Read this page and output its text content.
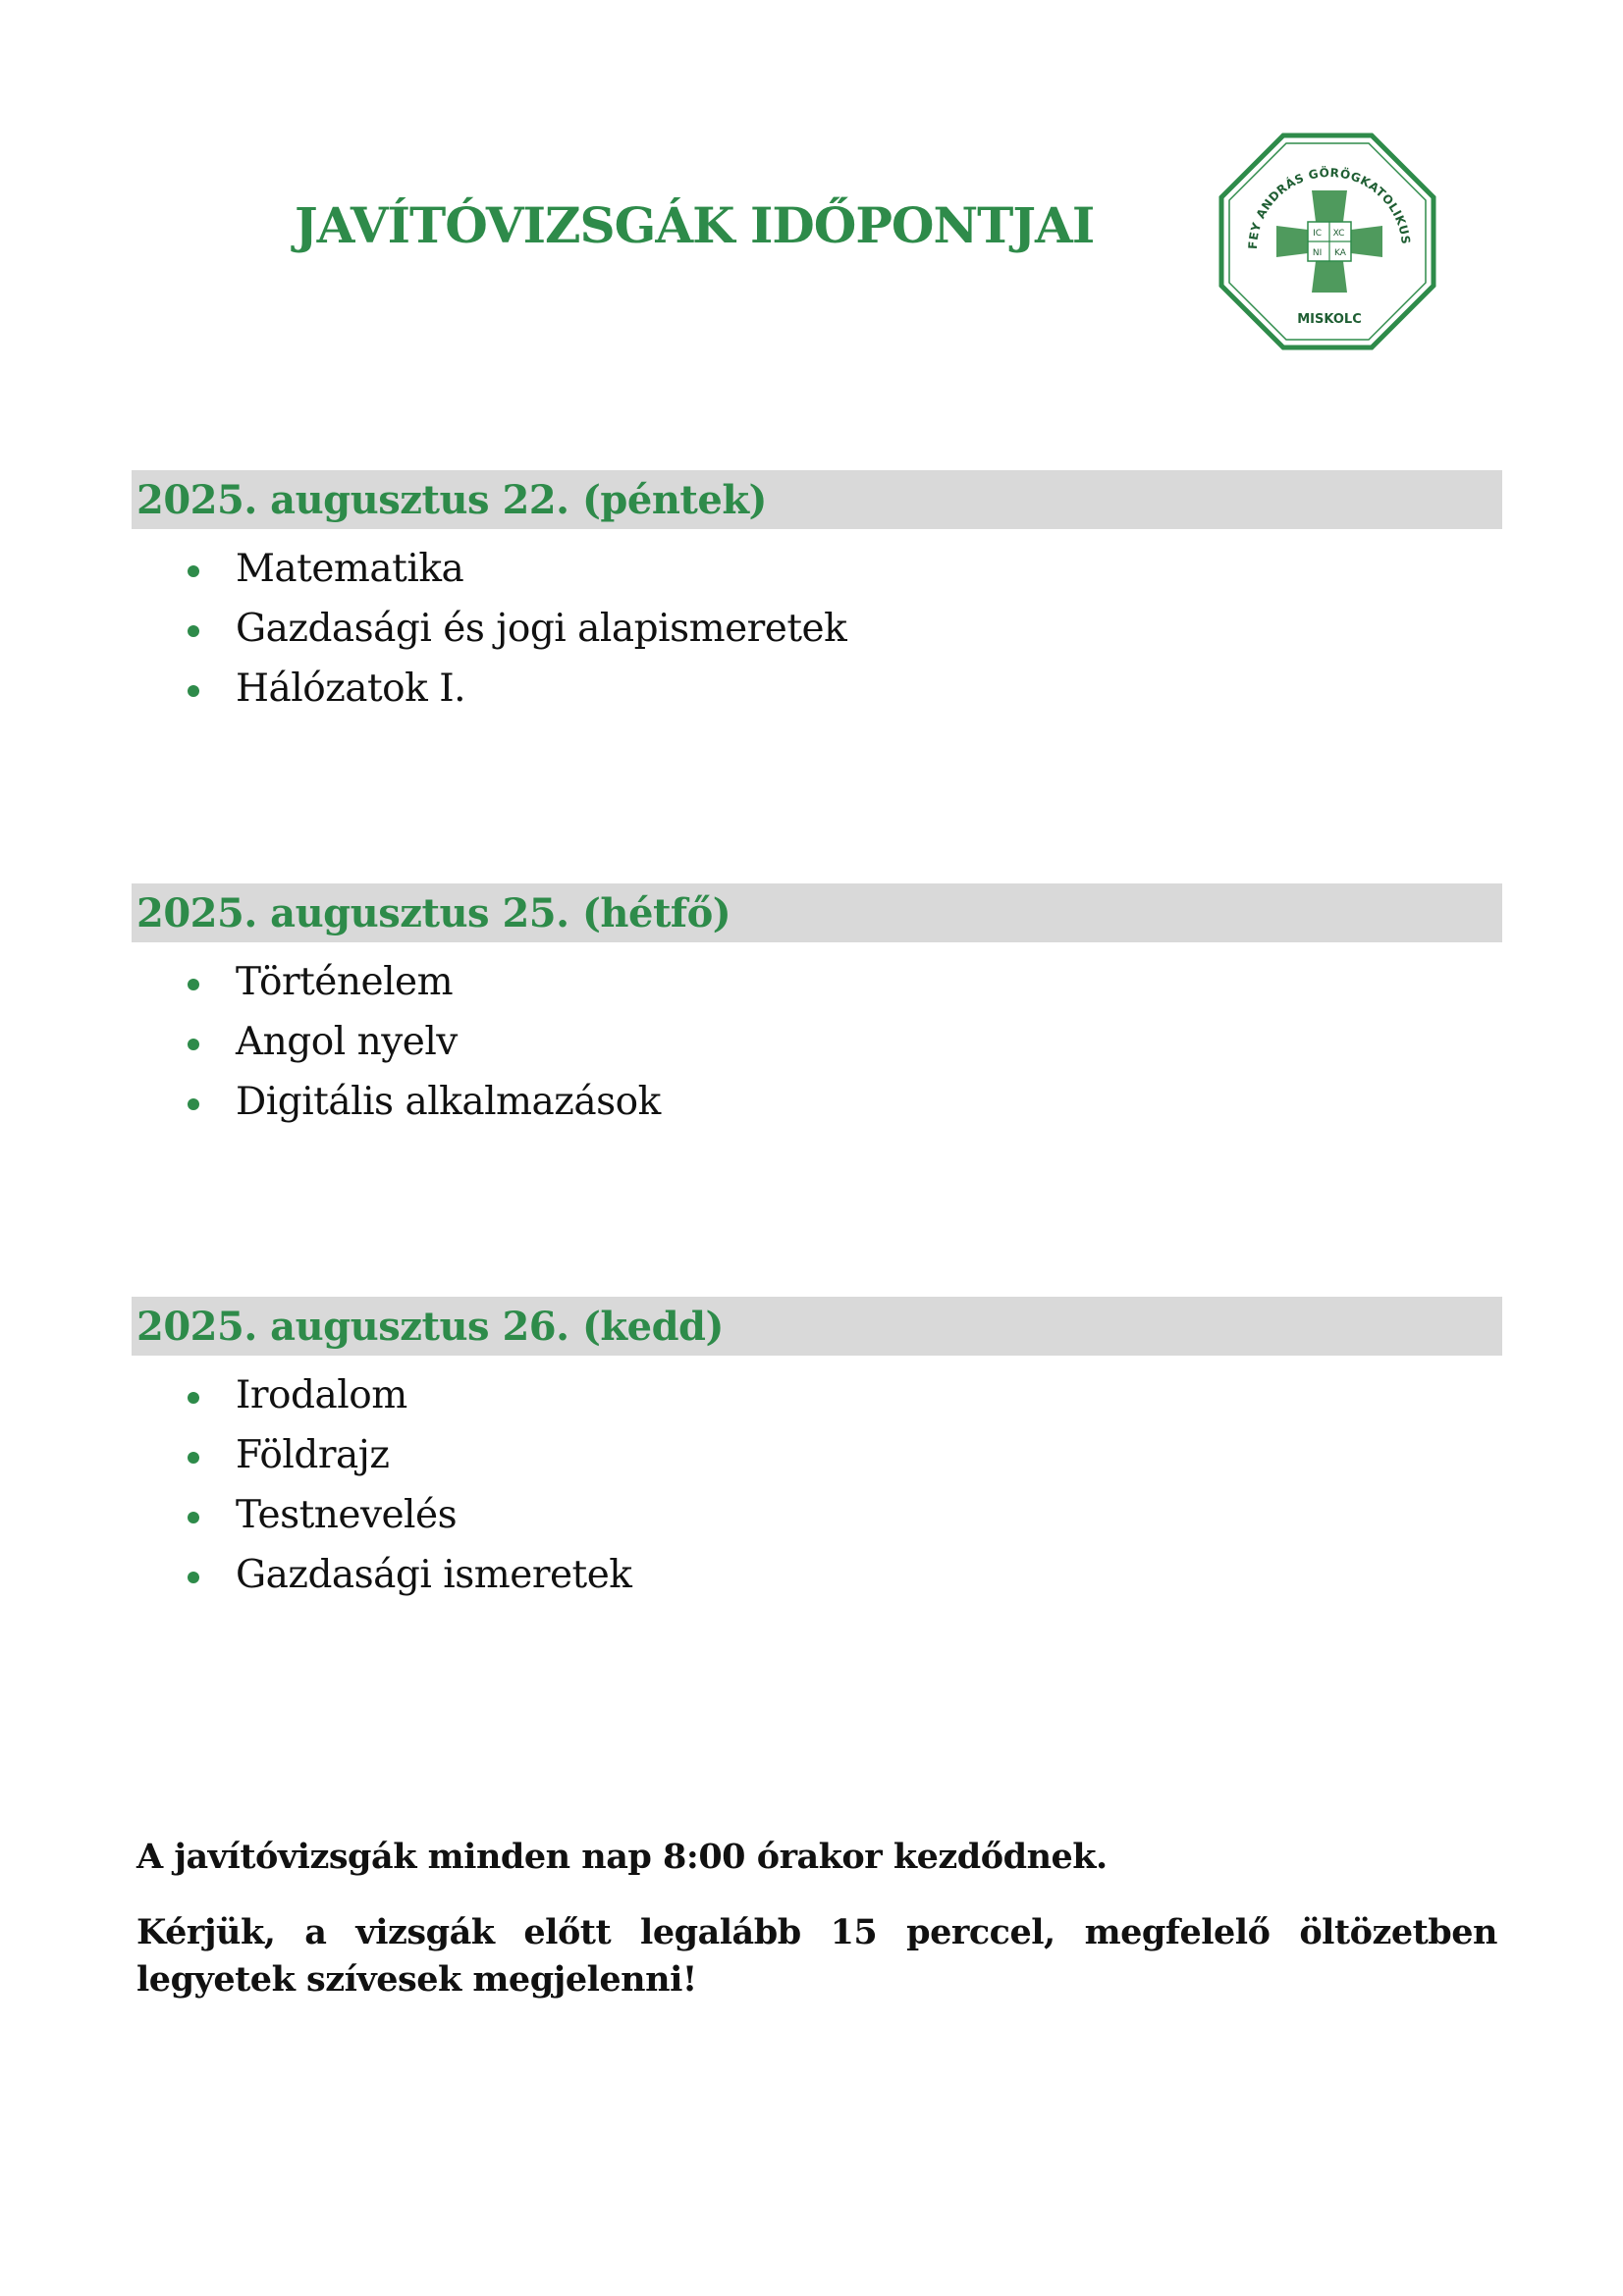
JAVÍTÓVIZSGÁK IDŐPONTJAI	FEY ANDRÁS GÖRÖGKATOLIKUS
MISKOLC
IC XC NI KA
2025. augusztus 22. (péntek)
Matematika
Gazdasági és jogi alapismeretek
Hálózatok I.
2025. augusztus 25. (hétfő)
Történelem
Angol nyelv
Digitális alkalmazások
2025. augusztus 26. (kedd)
Irodalom
Földrajz
Testnevelés
Gazdasági ismeretek
A javítóvizsgák minden nap 8:00 órakor kezdődnek.
Kérjük, a vizsgák előtt legalább 15 perccel, megfelelő öltözetben legyetek szívesek megjelenni!
